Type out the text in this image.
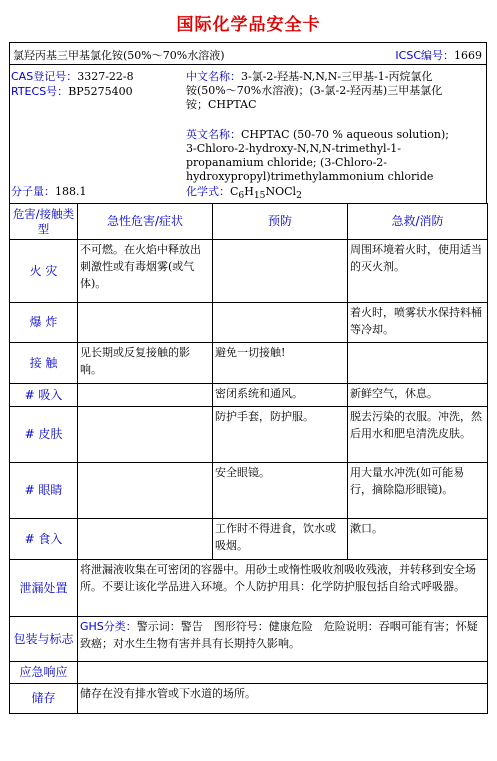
国际化学品安全卡
氯羟丙基三甲基氯化铵(50%～70%水溶液)	ICSC编号：1669
CAS登记号：3327-22-8
RTECS号：BP5275400
分子量：188.1
中文名称：3-氯-2-羟基-N,N,N-三甲基-1-丙烷氯化
铵(50%～70%水溶液)；(3-氯-2-羟丙基)三甲基氯化
铵；CHPTAC
英文名称：CHPTAC (50-70 % aqueous solution);
3-Chloro-2-hydroxy-N,N,N-trimethyl-1-
propanamium chloride; (3-Chloro-2-
hydroxypropyl)trimethylammonium chloride
化学式：$C_6H_{15}NOCl_2$
危害/接触类型	急性危害/症状	预防	急救/消防
火 灾	不可燃。在火焰中释放出刺激性或有毒烟雾(或气体)。		周围环境着火时，使用适当的灭火剂。
爆 炸			着火时，喷雾状水保持料桶等冷却。
接 触	见长期或反复接触的影响。	避免一切接触!	
# 吸入		密闭系统和通风。	新鲜空气，休息。
# 皮肤		防护手套，防护服。	脱去污染的衣服。冲洗，然后用水和肥皂清洗皮肤。
# 眼睛		安全眼镜。	用大量水冲洗(如可能易行，摘除隐形眼镜)。
# 食入		工作时不得进食，饮水或吸烟。	漱口。
泄漏处置	将泄漏液收集在可密闭的容器中。用砂土或惰性吸收剂吸收残液，并转移到安全场所。不要让该化学品进入环境。个人防护用具：化学防护服包括自给式呼吸器。		
包装与标志	GHS分类：警示词：警告　图形符号：健康危险　危险说明：吞咽可能有害；怀疑致癌；对水生生物有害并具有长期持久影响。		
应急响应			
储存	储存在没有排水管或下水道的场所。		
